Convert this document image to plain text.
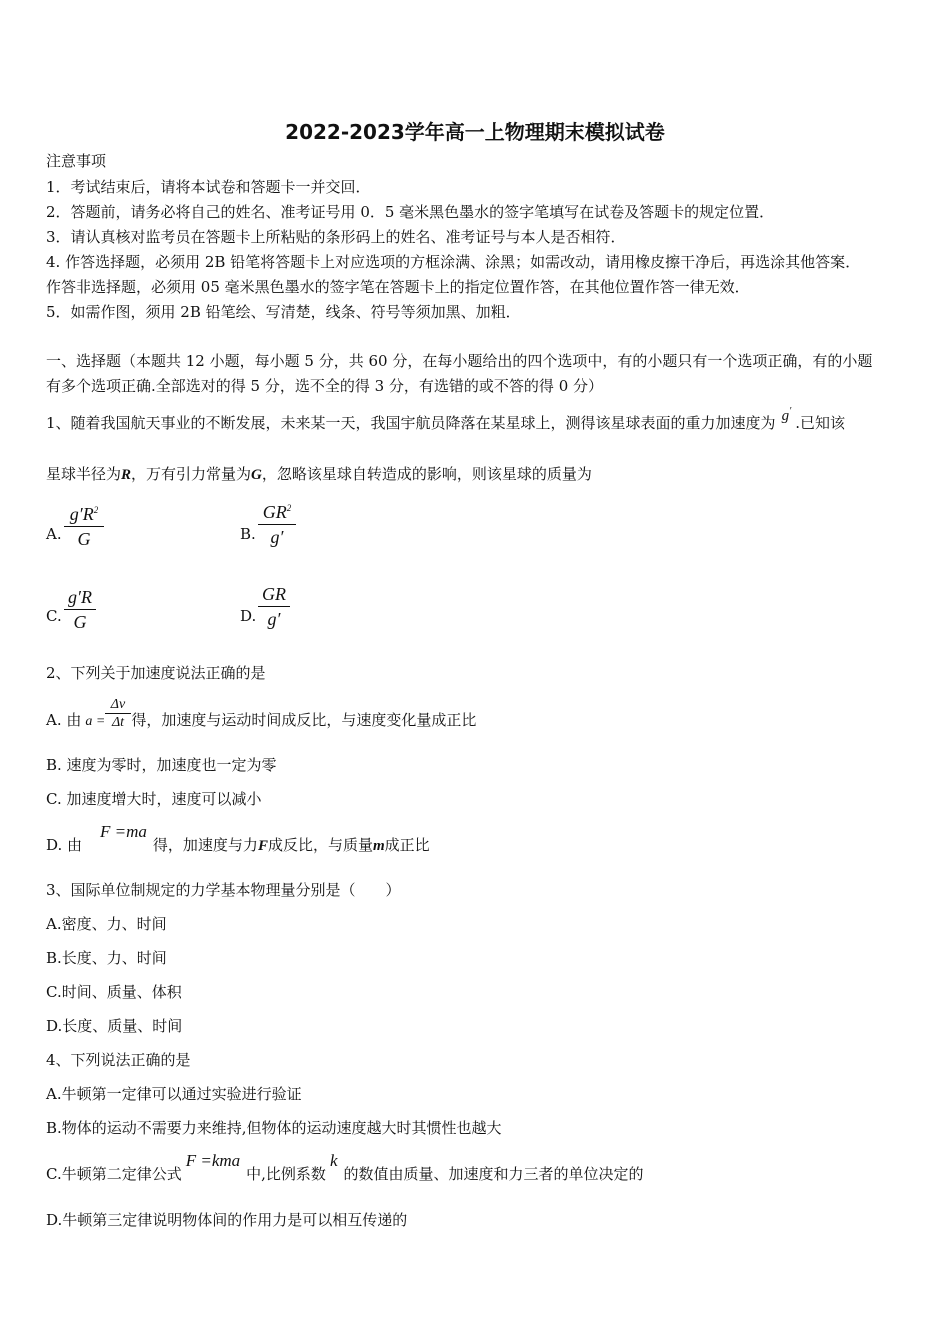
2022-2023学年高一上物理期末模拟试卷
注意事项
1．考试结束后，请将本试卷和答题卡一并交回．
2．答题前，请务必将自己的姓名、准考证号用 0．5 毫米黑色墨水的签字笔填写在试卷及答题卡的规定位置．
3．请认真核对监考员在答题卡上所粘贴的条形码上的姓名、准考证号与本人是否相符．
4. 作答选择题，必须用 2B 铅笔将答题卡上对应选项的方框涂满、涂黑；如需改动，请用橡皮擦干净后，再选涂其他答案．
作答非选择题，必须用 05 毫米黑色墨水的签字笔在答题卡上的指定位置作答，在其他位置作答一律无效．
5．如需作图，须用 2B 铅笔绘、写清楚，线条、符号等须加黑、加粗．
一、选择题（本题共 12 小题，每小题 5 分，共 60 分，在每小题给出的四个选项中，有的小题只有一个选项正确，有的小题
有多个选项正确.全部选对的得 5 分，选不全的得 3 分，有选错的或不答的得 0 分）
1、随着我国航天事业的不断发展，未来某一天，我国宇航员降落在某星球上，测得该星球表面的重力加速度为 g′.已知该
星球半径为R，万有引力常量为G，忽略该星球自转造成的影响，则该星球的质量为
A.
$g'R^2$
G	B.
$GR^2$
g′
C.
g′R
G	D.
GR
g′
2、下列关于加速度说法正确的是
A. 由 a = 得，加速度与运动时间成反比，与速度变化量成正比
Δv
Δt
B. 速度为零时，加速度也一定为零
C. 加速度增大时，速度可以减小
D. 由F =ma得，加速度与力F成反比，与质量m成正比
3、国际单位制规定的力学基本物理量分别是（　　）
A.密度、力、时间
B.长度、力、时间
C.时间、质量、体积
D.长度、质量、时间
4、下列说法正确的是
A.牛顿第一定律可以通过实验进行验证
B.物体的运动不需要力来维持,但物体的运动速度越大时其惯性也越大
C.牛顿第二定律公式F =kma中,比例系数k的数值由质量、加速度和力三者的单位决定的
D.牛顿第三定律说明物体间的作用力是可以相互传递的
